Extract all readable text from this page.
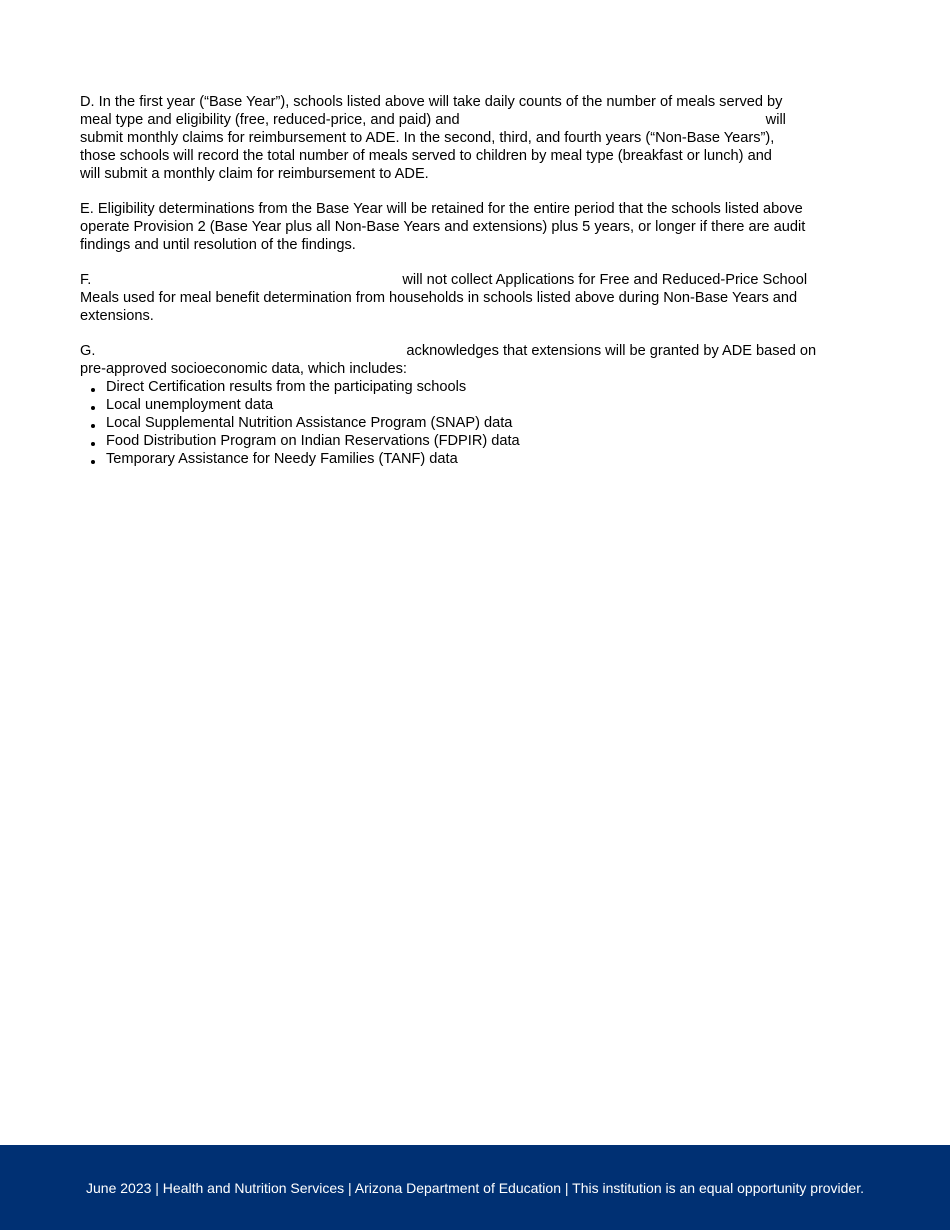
D. In the first year (“Base Year”), schools listed above will take daily counts of the number of meals served by
meal type and eligibility (free, reduced-price, and paid) and	will
submit monthly claims for reimbursement to ADE. In the second, third, and fourth years (“Non-Base Years”),
those schools will record the total number of meals served to children by meal type (breakfast or lunch) and
will submit a monthly claim for reimbursement to ADE.
E. Eligibility determinations from the Base Year will be retained for the entire period that the schools listed above
operate Provision 2 (Base Year plus all Non-Base Years and extensions) plus 5 years, or longer if there are audit
findings and until resolution of the findings.
F.	will not collect Applications for Free and Reduced-Price School
Meals used for meal benefit determination from households in schools listed above during Non-Base Years and
extensions.
G.	acknowledges that extensions will be granted by ADE based on
pre-approved socioeconomic data, which includes:
Direct Certification results from the participating schools
Local unemployment data
Local Supplemental Nutrition Assistance Program (SNAP) data
Food Distribution Program on Indian Reservations (FDPIR) data
Temporary Assistance for Needy Families (TANF) data
June 2023 | Health and Nutrition Services | Arizona Department of Education | This institution is an equal opportunity provider.
